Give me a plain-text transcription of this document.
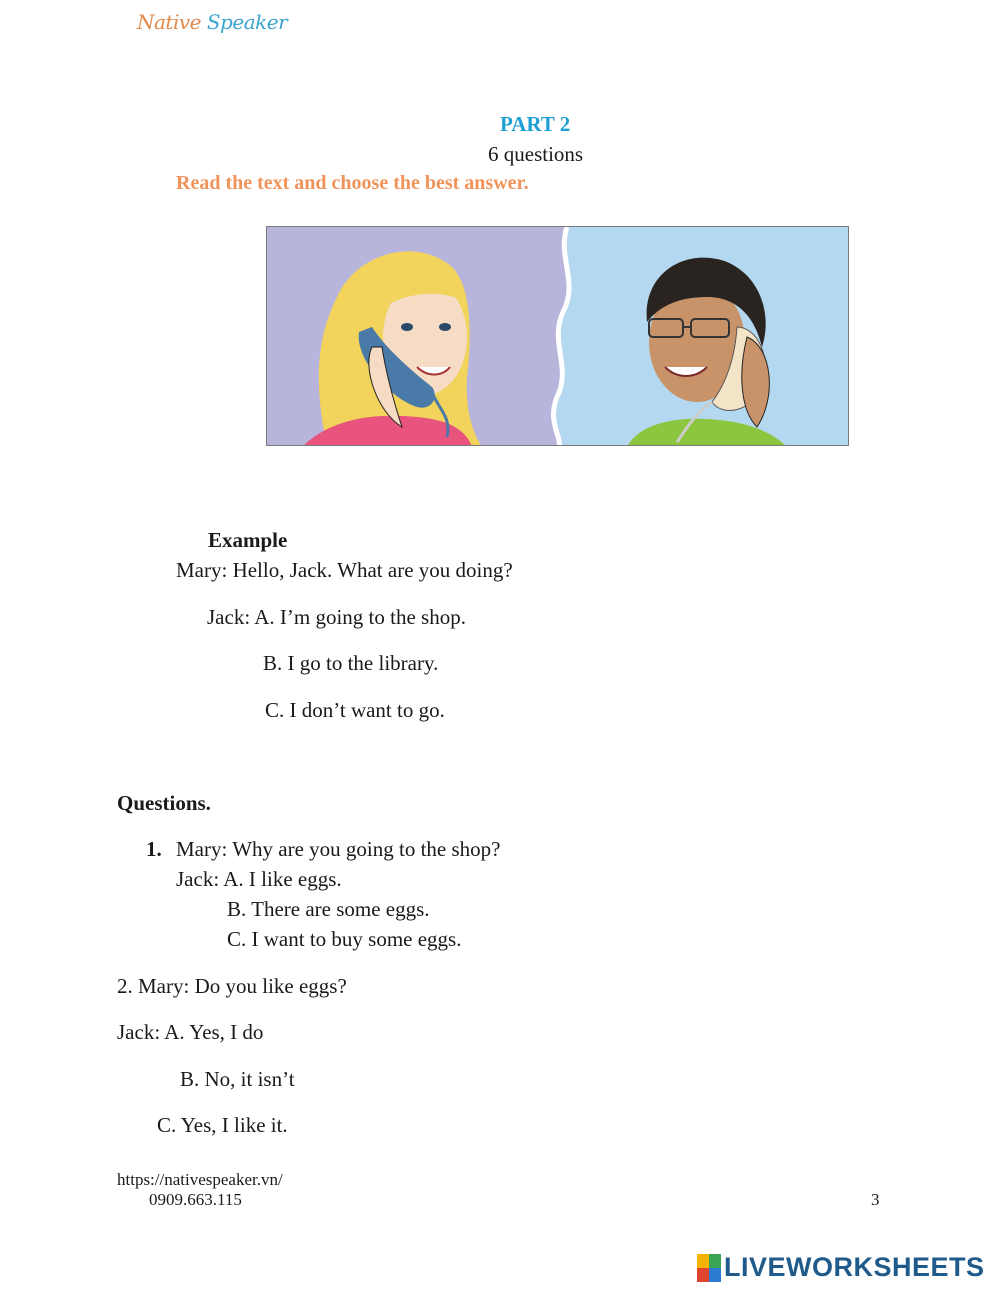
Native Speaker
PART 2
6 questions
Read the text and choose the best answer.
Example
Mary: Hello, Jack. What are you doing?
Jack: A. I’m going to the shop.
B. I go to the library.
C. I don’t want to go.
Questions.
1. Mary: Why are you going to the shop?
Jack: A. I like eggs.
B. There are some eggs.
C. I want to buy some eggs.
2. Mary: Do you like eggs?
Jack: A. Yes, I do
B. No, it isn’t
C. Yes, I like it.
https://nativespeaker.vn/
0909.663.115	3
LIVEWORKSHEETS
